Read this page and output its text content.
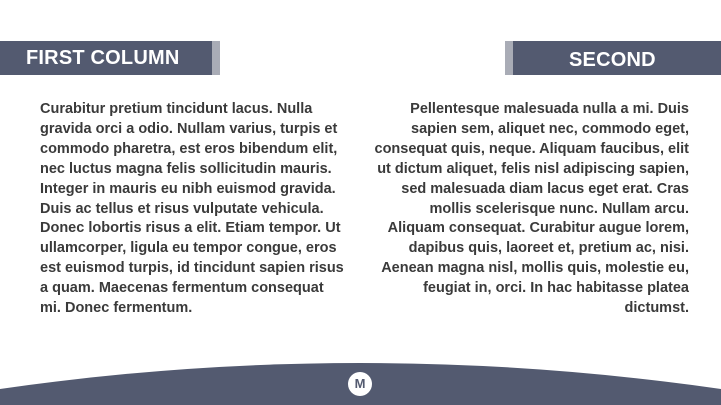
FIRST COLUMN	SECOND COLUMN

Curabitur pretium tincidunt lacus. Nulla gravida orci a odio. Nullam varius, turpis et commodo pharetra, est eros bibendum elit, nec luctus magna felis sollicitudin mauris. Integer in mauris eu nibh euismod gravida. Duis ac tellus et risus vulputate vehicula. Donec lobortis risus a elit. Etiam tempor. Ut ullamcorper, ligula eu tempor congue, eros est euismod turpis, id tincidunt sapien risus a quam. Maecenas fermentum consequat mi. Donec fermentum.

Pellentesque malesuada nulla a mi. Duis sapien sem, aliquet nec, commodo eget, consequat quis, neque. Aliquam faucibus, elit ut dictum aliquet, felis nisl adipiscing sapien, sed malesuada diam lacus eget erat. Cras mollis scelerisque nunc. Nullam arcu. Aliquam consequat. Curabitur augue lorem, dapibus quis, laoreet et, pretium ac, nisi. Aenean magna nisl, mollis quis, molestie eu, feugiat in, orci. In hac habitasse platea dictumst.

M
